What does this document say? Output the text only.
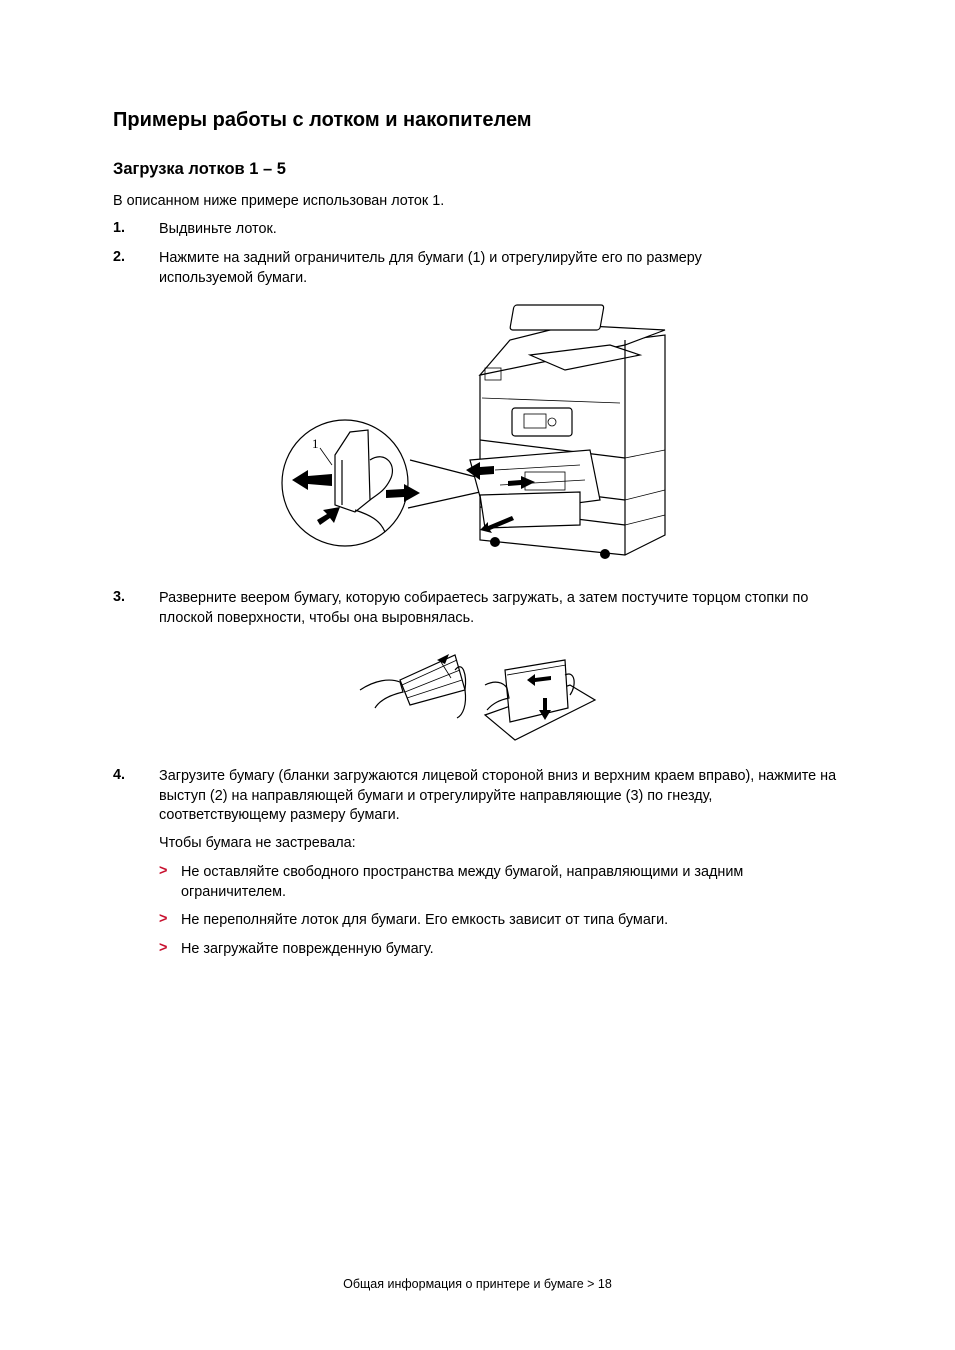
Примеры работы с лотком и накопителем
Загрузка лотков 1 – 5

В описанном ниже примере использован лоток 1.

1. Выдвиньте лоток.

2. Нажмите на задний ограничитель для бумаги (1) и отрегулируйте его по размеру используемой бумаги.

1
3. Разверните веером бумагу, которую собираетесь загружать, а затем постучите торцом стопки по плоской поверхности, чтобы она выровнялась.

4. Загрузите бумагу (бланки загружаются лицевой стороной вниз и верхним краем вправо), нажмите на выступ (2) на направляющей бумаги и отрегулируйте направляющие (3) по гнезду, соответствующему размеру бумаги.

Чтобы бумага не застревала:

> Не оставляйте свободного пространства между бумагой, направляющими и задним ограничителем.

> Не переполняйте лоток для бумаги. Его емкость зависит от типа бумаги.

> Не загружайте поврежденную бумагу.

Общая информация о принтере и бумаге > 18
